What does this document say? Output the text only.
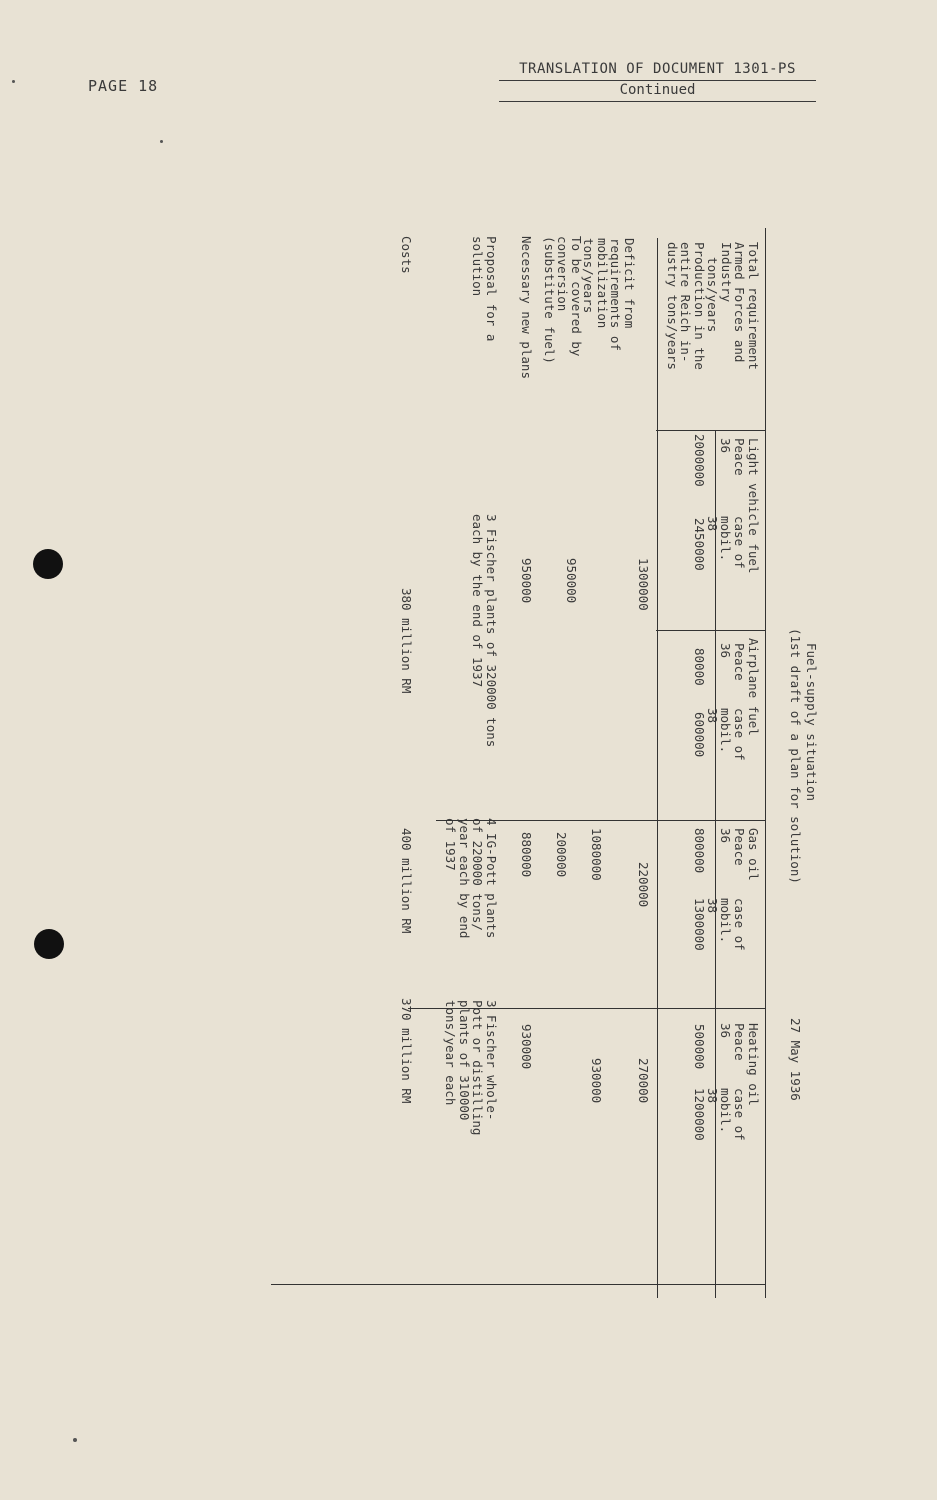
PAGE 18
TRANSLATION OF DOCUMENT 1301-PS
Continued
Fuel-supply situation
(1st draft of a plan for solution)
27 May 1936
Light vehicle fuel
Peace
36
case of
mobil.
38
Airplane fuel
Peace
36
case of
mobil.
38
Gas oil
Peace
36
case of
mobil.
38
Heating oil
Peace
36
case of
mobil.
38
Total requirement
Armed Forces and
Industry
tons/years
Production in the
entire Reich in-
dustry tons/years
Deficit from
requirements of
mobilization
tons/years
To be covered by
conversion
(substitute fuel)
Necessary new plans
Proposal for a
solution
Costs
2000000
2450000
1300000
950000
950000
3 Fischer plants of 320000 tons
each by the end of 1937
380 million RM	80000
600000
800000
1300000
220000
1080000
200000
880000
4 IG-Pott plants
of 220000 tons/
year each by end
of 1937
400 million RM
500000
1200000
270000
930000
930000
3 Fischer whole-
Pott or distilling
plants of 310000
tons/year each
370 million RM
